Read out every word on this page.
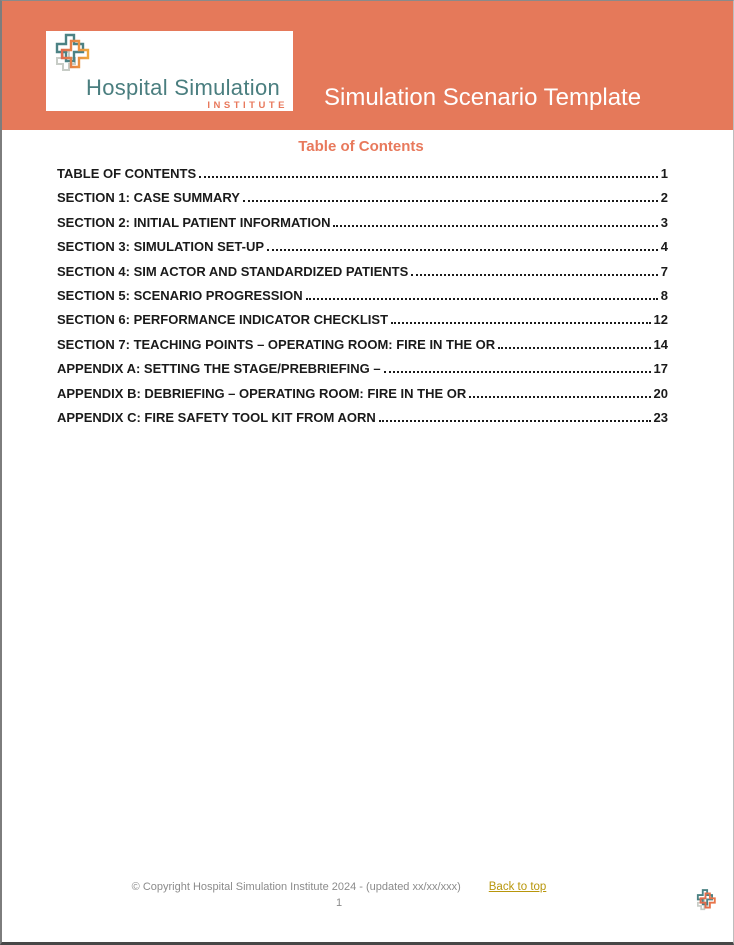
Hospital Simulation
INSTITUTE Simulation Scenario Template
Table of Contents
TABLE OF CONTENTS	1
SECTION 1: CASE SUMMARY	2
SECTION 2: INITIAL PATIENT INFORMATION	3
SECTION 3: SIMULATION SET-UP	4
SECTION 4: SIM ACTOR AND STANDARDIZED PATIENTS	7
SECTION 5: SCENARIO PROGRESSION	8
SECTION 6: PERFORMANCE INDICATOR CHECKLIST	12
SECTION 7: TEACHING POINTS – OPERATING ROOM: FIRE IN THE OR	14
APPENDIX A: SETTING THE STAGE/PREBRIEFING –	17
APPENDIX B: DEBRIEFING – OPERATING ROOM: FIRE IN THE OR	20
APPENDIX C: FIRE SAFETY TOOL KIT FROM AORN	23
© Copyright Hospital Simulation Institute 2024 - (updated xx/xx/xxx) Back to top
1
